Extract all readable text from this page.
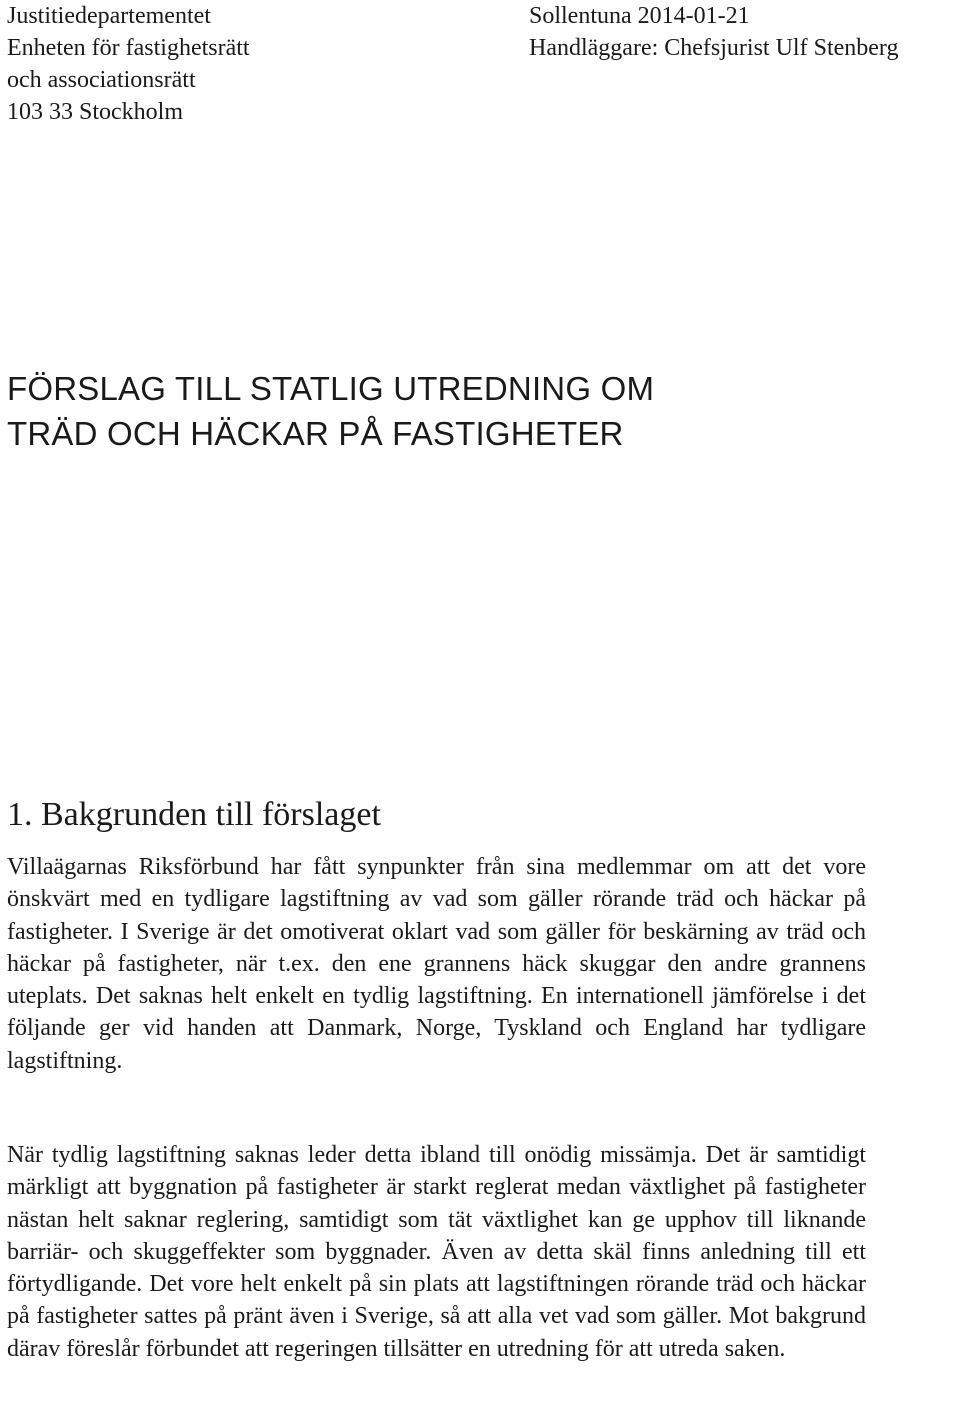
Justitiedepartementet
Enheten för fastighetsrätt
och associationsrätt
103 33 Stockholm
Sollentuna 2014-01-21
Handläggare: Chefsjurist Ulf Stenberg
FÖRSLAG TILL STATLIG UTREDNING OM
TRÄD OCH HÄCKAR PÅ FASTIGHETER
1. Bakgrunden till förslaget

Villaägarnas Riksförbund har fått synpunkter från sina medlemmar om att det vore önskvärt med en tydligare lagstiftning av vad som gäller rörande träd och häckar på fastigheter. I Sverige är det omotiverat oklart vad som gäller för beskärning av träd och häckar på fastigheter, när t.ex. den ene grannens häck skuggar den andre grannens uteplats. Det saknas helt enkelt en tydlig lagstiftning. En internationell jämförelse i det följande ger vid handen att Danmark, Norge, Tyskland och England har tydligare lagstiftning.

När tydlig lagstiftning saknas leder detta ibland till onödig missämja. Det är samtidigt märkligt att byggnation på fastigheter är starkt reglerat medan växtlighet på fastigheter nästan helt saknar reglering, samtidigt som tät växtlighet kan ge upphov till liknande barriär- och skuggeffekter som byggnader. Även av detta skäl finns anledning till ett förtydligande. Det vore helt enkelt på sin plats att lagstiftningen rörande träd och häckar på fastigheter sattes på pränt även i Sverige, så att alla vet vad som gäller. Mot bakgrund därav föreslår förbundet att regeringen tillsätter en utredning för att utreda saken.
